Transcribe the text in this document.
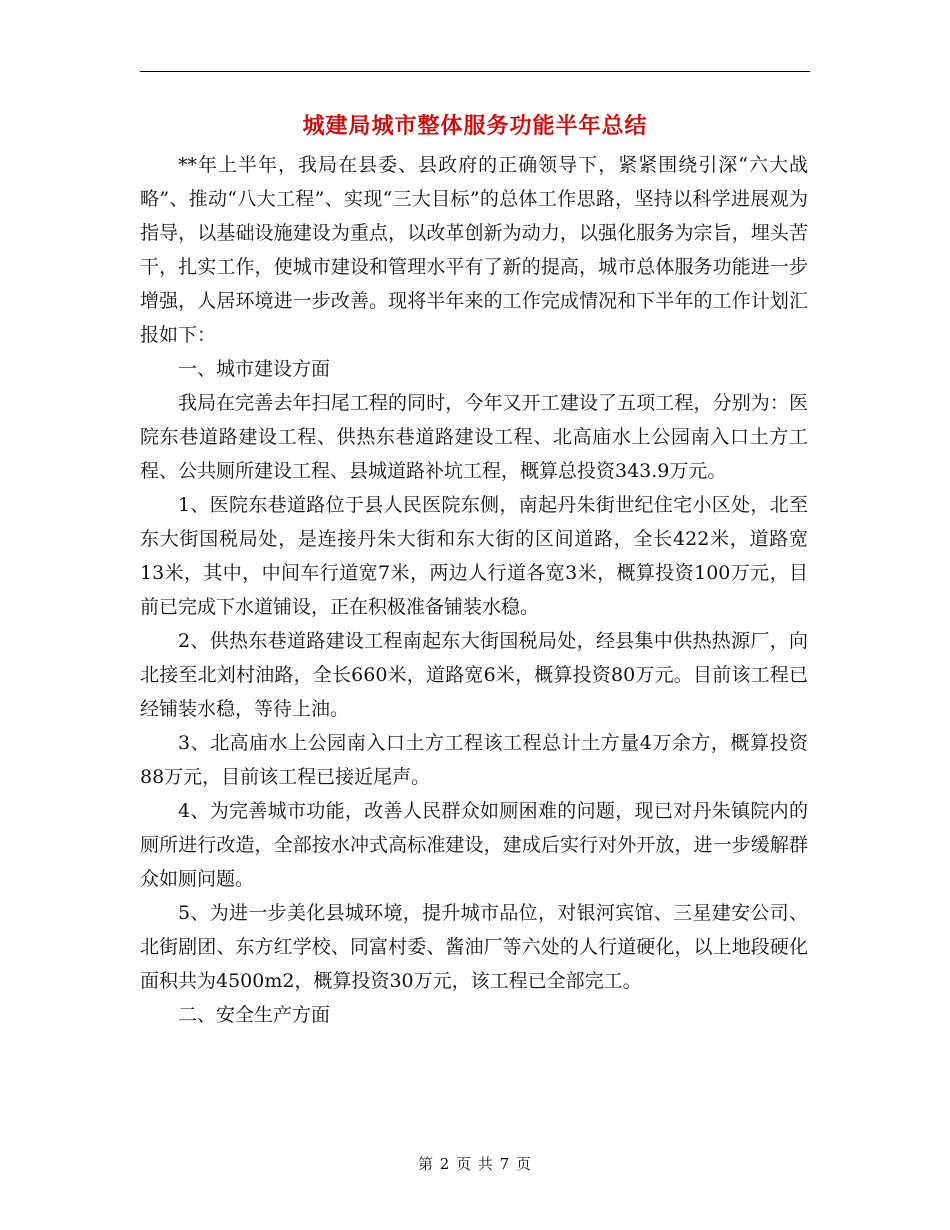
城建局城市整体服务功能半年总结

**年上半年，我局在县委、县政府的正确领导下，紧紧围绕引深“六大战略”、推动“八大工程”、实现“三大目标”的总体工作思路，坚持以科学进展观为指导，以基础设施建设为重点，以改革创新为动力，以强化服务为宗旨，埋头苦干，扎实工作，使城市建设和管理水平有了新的提高，城市总体服务功能进一步增强，人居环境进一步改善。现将半年来的工作完成情况和下半年的工作计划汇报如下：

一、城市建设方面

我局在完善去年扫尾工程的同时，今年又开工建设了五项工程，分别为：医院东巷道路建设工程、供热东巷道路建设工程、北高庙水上公园南入口土方工程、公共厕所建设工程、县城道路补坑工程，概算总投资343.9万元。

1、医院东巷道路位于县人民医院东侧，南起丹朱街世纪住宅小区处，北至东大街国税局处，是连接丹朱大街和东大街的区间道路，全长422米，道路宽13米，其中，中间车行道宽7米，两边人行道各宽3米，概算投资100万元，目前已完成下水道铺设，正在积极准备铺装水稳。

2、供热东巷道路建设工程南起东大街国税局处，经县集中供热热源厂，向北接至北刘村油路，全长660米，道路宽6米，概算投资80万元。目前该工程已经铺装水稳，等待上油。

3、北高庙水上公园南入口土方工程该工程总计土方量4万余方，概算投资88万元，目前该工程已接近尾声。

4、为完善城市功能，改善人民群众如厕困难的问题，现已对丹朱镇院内的厕所进行改造，全部按水冲式高标准建设，建成后实行对外开放，进一步缓解群众如厕问题。

5、为进一步美化县城环境，提升城市品位，对银河宾馆、三星建安公司、北街剧团、东方红学校、同富村委、酱油厂等六处的人行道硬化，以上地段硬化面积共为4500m2，概算投资30万元，该工程已全部完工。

二、安全生产方面

第 2 页 共 7 页
